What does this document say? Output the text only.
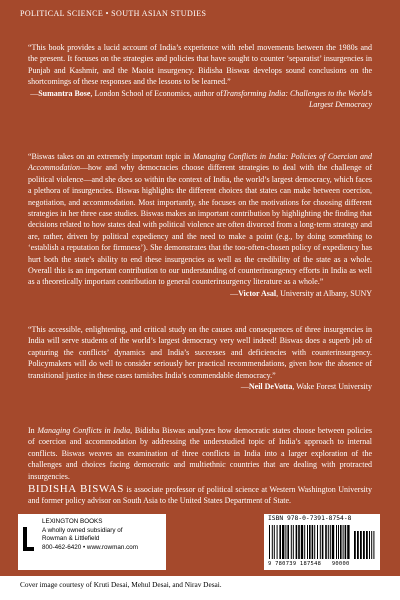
POLITICAL SCIENCE • SOUTH ASIAN STUDIES

“This book provides a lucid account of India’s experience with rebel movements between the 1980s and the present. It focuses on the strategies and policies that have sought to counter ‘separatist’ insurgencies in Punjab and Kashmir, and the Maoist insurgency. Bidisha Biswas develops sound conclusions on the shortcomings of these responses and the lessons to be learned.”

—Sumantra Bose, London School of Economics, author ofTransforming India: Challenges to the World’s Largest Democracy

“Biswas takes on an extremely important topic in Managing Conflicts in India: Policies of Coercion and Accommodation—how and why democracies choose different strategies to deal with the challenge of political violence—and she does so within the context of India, the world’s largest democracy, which faces a plethora of insurgencies. Biswas highlights the different choices that states can make between coercion, negotiation, and accommodation. Most importantly, she focuses on the motivations for choosing different strategies in her three case studies. Biswas makes an important contribution by highlighting the finding that decisions related to how states deal with political violence are often divorced from a long-term strategy and are, rather, driven by political expediency and the need to make a point (e.g., by doing something to ‘establish a reputation for firmness’). She demonstrates that the too-often-chosen policy of expediency has hurt both the state’s ability to end these insurgencies as well as the credibility of the state as a whole. Overall this is an important contribution to our understanding of counterinsurgency efforts in India as well as a theoretically important contribution to general counterinsurgency literature as a whole.”

—Victor Asal, University at Albany, SUNY

“This accessible, enlightening, and critical study on the causes and consequences of three insurgencies in India will serve students of the world’s largest democracy very well indeed! Biswas does a superb job of capturing the conflicts’ dynamics and India’s successes and deficiencies with counterinsurgency. Policymakers will do well to consider seriously her practical recommendations, given how the absence of transitional justice in these cases tarnishes India’s commendable democracy.”

—Neil DeVotta, Wake Forest University

In Managing Conflicts in India, Bidisha Biswas analyzes how democratic states choose between policies of coercion and accommodation by addressing the understudied topic of India’s approach to internal conflicts. Biswas weaves an examination of three conflicts in India into a larger exploration of the challenges and choices facing democratic and multiethnic countries that are dealing with protracted insurgencies.

BIDISHA BISWAS is associate professor of political science at Western Washington University and former policy advisor on South Asia to the United States Department of State.

LEXINGTON BOOKS
A wholly owned subsidiary of
Rowman & Littlefield
800-462-6420 • www.rowman.com
ISBN 978-0-7391-8754-8
9 780739 187548 90000
Cover image courtesy of Kruti Desai, Mehul Desai, and Nirav Desai.
